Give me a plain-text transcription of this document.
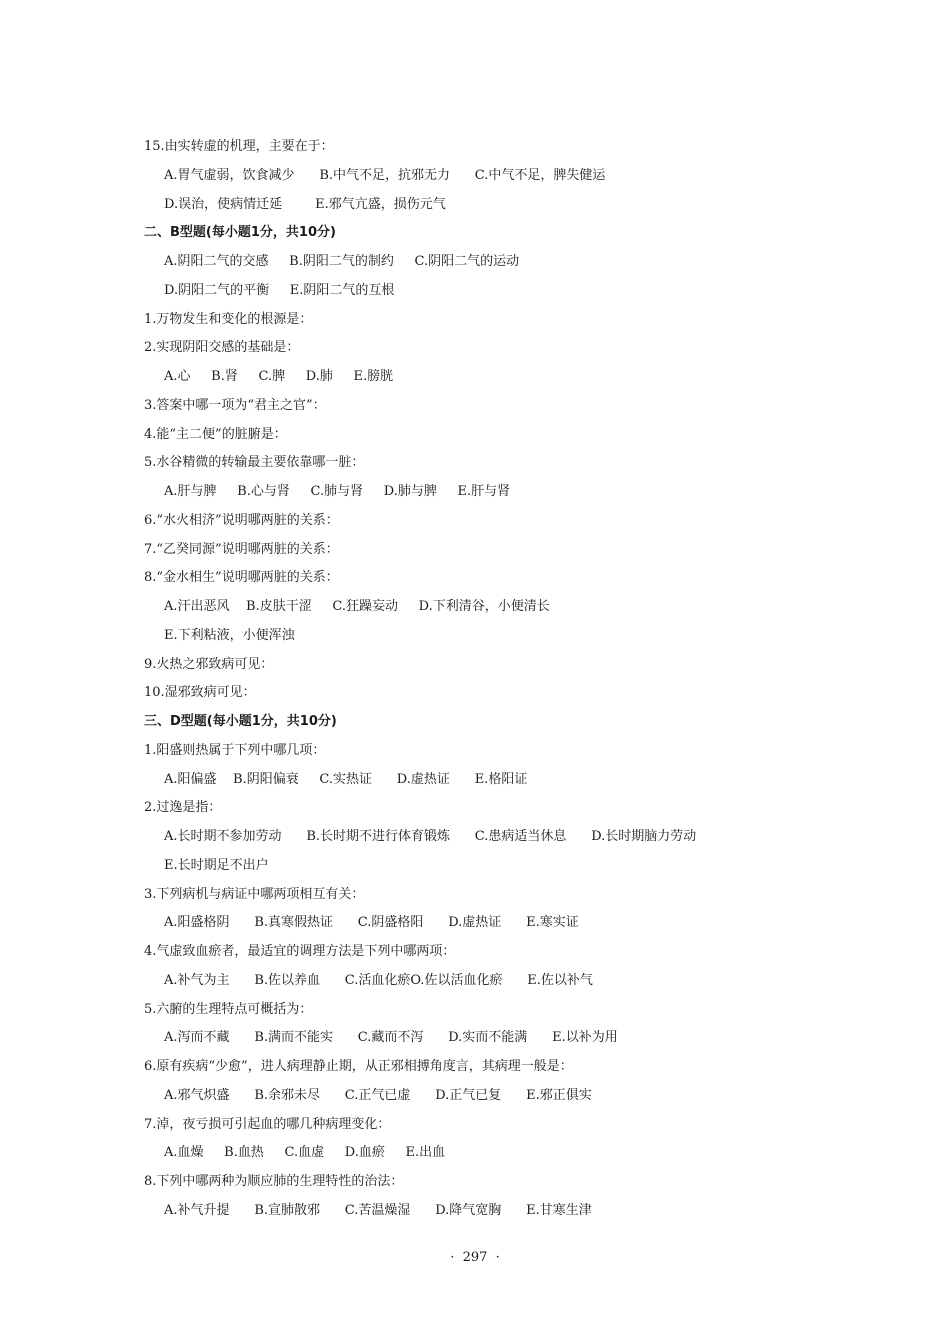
15.由实转虚的机理，主要在于：
A.胃气虚弱，饮食减少      B.中气不足，抗邪无力      C.中气不足，脾失健运
D.误治，使病情迁延        E.邪气亢盛，损伤元气
二、B型题(每小题1分，共10分)
A.阴阳二气的交感     B.阴阳二气的制约     C.阴阳二气的运动
D.阴阳二气的平衡     E.阴阳二气的互根
1.万物发生和变化的根源是：
2.实现阴阳交感的基础是：
A.心     B.肾     C.脾     D.肺     E.膀胱
3.答案中哪一项为“君主之官”：
4.能“主二便”的脏腑是：
5.水谷精微的转输最主要依靠哪一脏：
A.肝与脾     B.心与肾     C.肺与肾     D.肺与脾     E.肝与肾
6.“水火相济”说明哪两脏的关系：
7.“乙癸同源”说明哪两脏的关系：
8.“金水相生”说明哪两脏的关系：
A.汗出恶风    B.皮肤干涩     C.狂躁妄动     D.下利清谷，小便清长
E.下利粘液，小便浑浊
9.火热之邪致病可见：
10.湿邪致病可见：
三、D型题(每小题1分，共10分)
1.阳盛则热属于下列中哪几项：
A.阳偏盛    B.阴阳偏衰     C.实热证      D.虚热证      E.格阳证
2.过逸是指：
A.长时期不参加劳动      B.长时期不进行体育锻炼      C.患病适当休息      D.长时期脑力劳动
E.长时期足不出户
3.下列病机与病证中哪两项相互有关：
A.阳盛格阴      B.真寒假热证      C.阴盛格阳      D.虚热证      E.寒实证
4.气虚致血瘀者，最适宜的调理方法是下列中哪两项：
A.补气为主      B.佐以养血      C.活血化瘀O.佐以活血化瘀      E.佐以补气
5.六腑的生理特点可概括为：
A.泻而不藏      B.满而不能实      C.藏而不泻      D.实而不能满      E.以补为用
6.原有疾病“少愈”，进人病理静止期，从正邪相搏角度言，其病理一般是：
A.邪气炽盛      B.余邪未尽      C.正气已虚      D.正气已复      E.邪正俱实
7.淖，夜亏损可引起血的哪几种病理变化：
A.血燥     B.血热     C.血虚     D.血瘀     E.出血
8.下列中哪两种为顺应肺的生理特性的治法：
A.补气升提      B.宣肺散邪      C.苦温燥湿      D.降气宽胸      E.甘寒生津
·  297  ·
